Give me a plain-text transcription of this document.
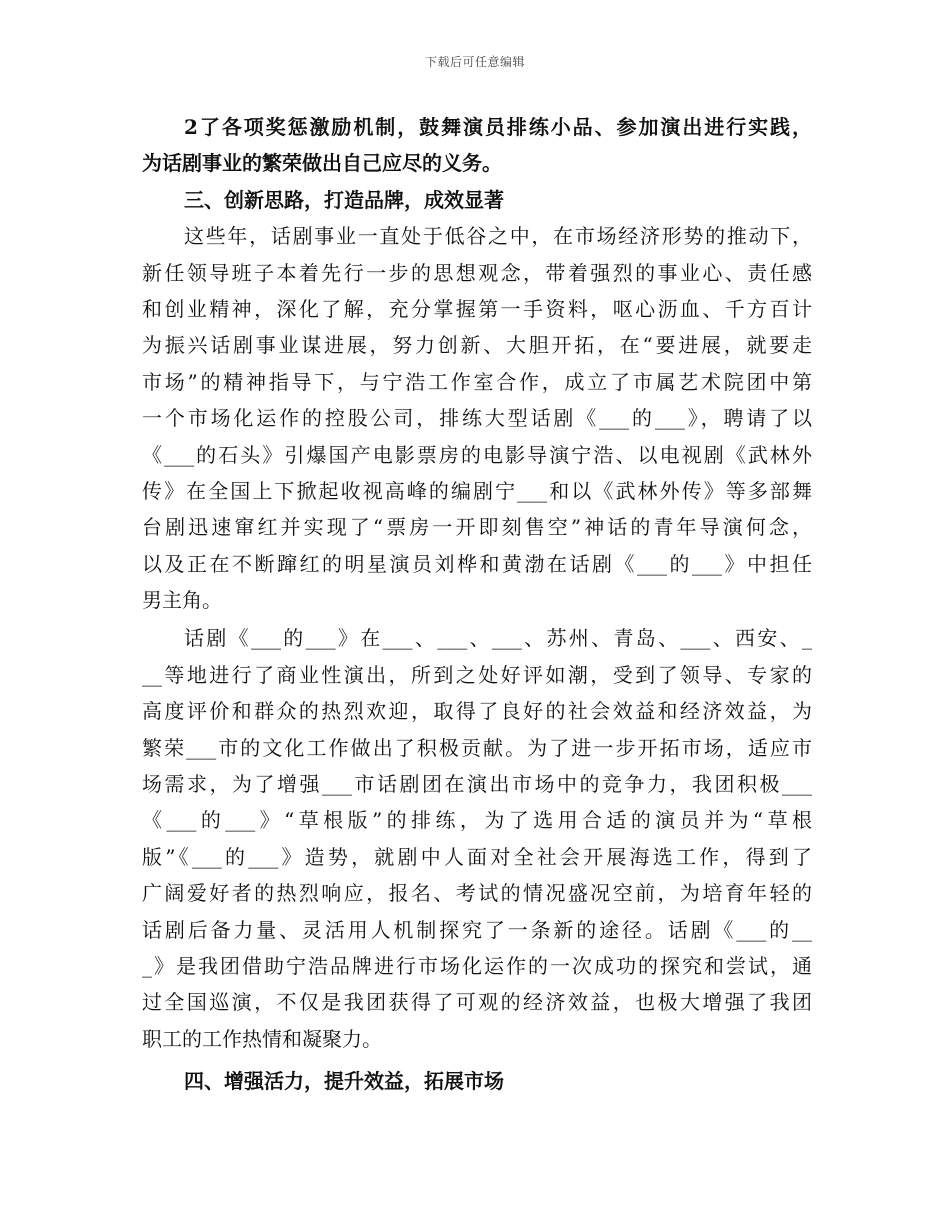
下载后可任意编辑
2了各项奖惩激励机制，鼓舞演员排练小品、参加演出进行实践，
为话剧事业的繁荣做出自己应尽的义务。
三、创新思路，打造品牌，成效显著
这些年，话剧事业一直处于低谷之中，在市场经济形势的推动下，
新任领导班子本着先行一步的思想观念，带着强烈的事业心、责任感
和创业精神，深化了解，充分掌握第一手资料，呕心沥血、千方百计
为振兴话剧事业谋进展，努力创新、大胆开拓，在“要进展，就要走
市场”的精神指导下，与宁浩工作室合作，成立了市属艺术院团中第
一个市场化运作的控股公司，排练大型话剧《___的___》，聘请了以
《___的石头》引爆国产电影票房的电影导演宁浩、以电视剧《武林外
传》在全国上下掀起收视高峰的编剧宁___和以《武林外传》等多部舞
台剧迅速窜红并实现了“票房一开即刻售空”神话的青年导演何念，
以及正在不断蹿红的明星演员刘桦和黄渤在话剧《___的___》中担任
男主角。
话剧《___的___》在___、___、___、苏州、青岛、___、西安、_
__等地进行了商业性演出，所到之处好评如潮，受到了领导、专家的
高度评价和群众的热烈欢迎，取得了良好的社会效益和经济效益，为
繁荣___市的文化工作做出了积极贡献。为了进一步开拓市场，适应市
场需求，为了增强___市话剧团在演出市场中的竞争力，我团积极___
《___的___》“草根版”的排练，为了选用合适的演员并为“草根
版”《___的___》造势，就剧中人面对全社会开展海选工作，得到了
广阔爱好者的热烈响应，报名、考试的情况盛况空前，为培育年轻的
话剧后备力量、灵活用人机制探究了一条新的途径。话剧《___的__
_》是我团借助宁浩品牌进行市场化运作的一次成功的探究和尝试，通
过全国巡演，不仅是我团获得了可观的经济效益，也极大增强了我团
职工的工作热情和凝聚力。
四、增强活力，提升效益，拓展市场
